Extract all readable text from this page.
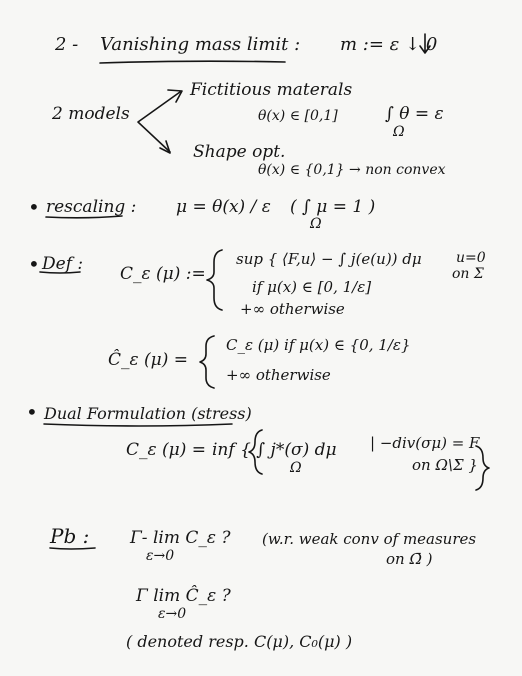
2 - Vanishing mass limit : m := ε ↓ 0
2 models
Fictitious materals
θ(x) ∈ [0,1]	∫ θ = ε
Ω
Shape opt.
θ(x) ∈ {0,1} → non convex
• rescaling : μ = θ(x) / ε ( ∫ μ = 1 )
Ω
• Def : C_ε (μ) :=
sup { ⟨F,u⟩ − ∫ j(e(u)) dμ u=0
on Σ
if μ(x) ∈ [0, 1/ε]
+∞ otherwise
Ĉ_ε (μ) =
C_ε (μ) if μ(x) ∈ {0, 1/ε}
+∞ otherwise
• Dual Formulation (stress)
C_ε (μ) = inf { ∫ j*(σ) dμ
Ω
| −div(σμ) = F
on Ω\Σ }
Pb : Γ- lim C_ε ?
ε→0
(w.r. weak conv of measures
on Ω̄ )
Γ lim Ĉ_ε ?
ε→0
( denoted resp. C(μ), C₀(μ) )
